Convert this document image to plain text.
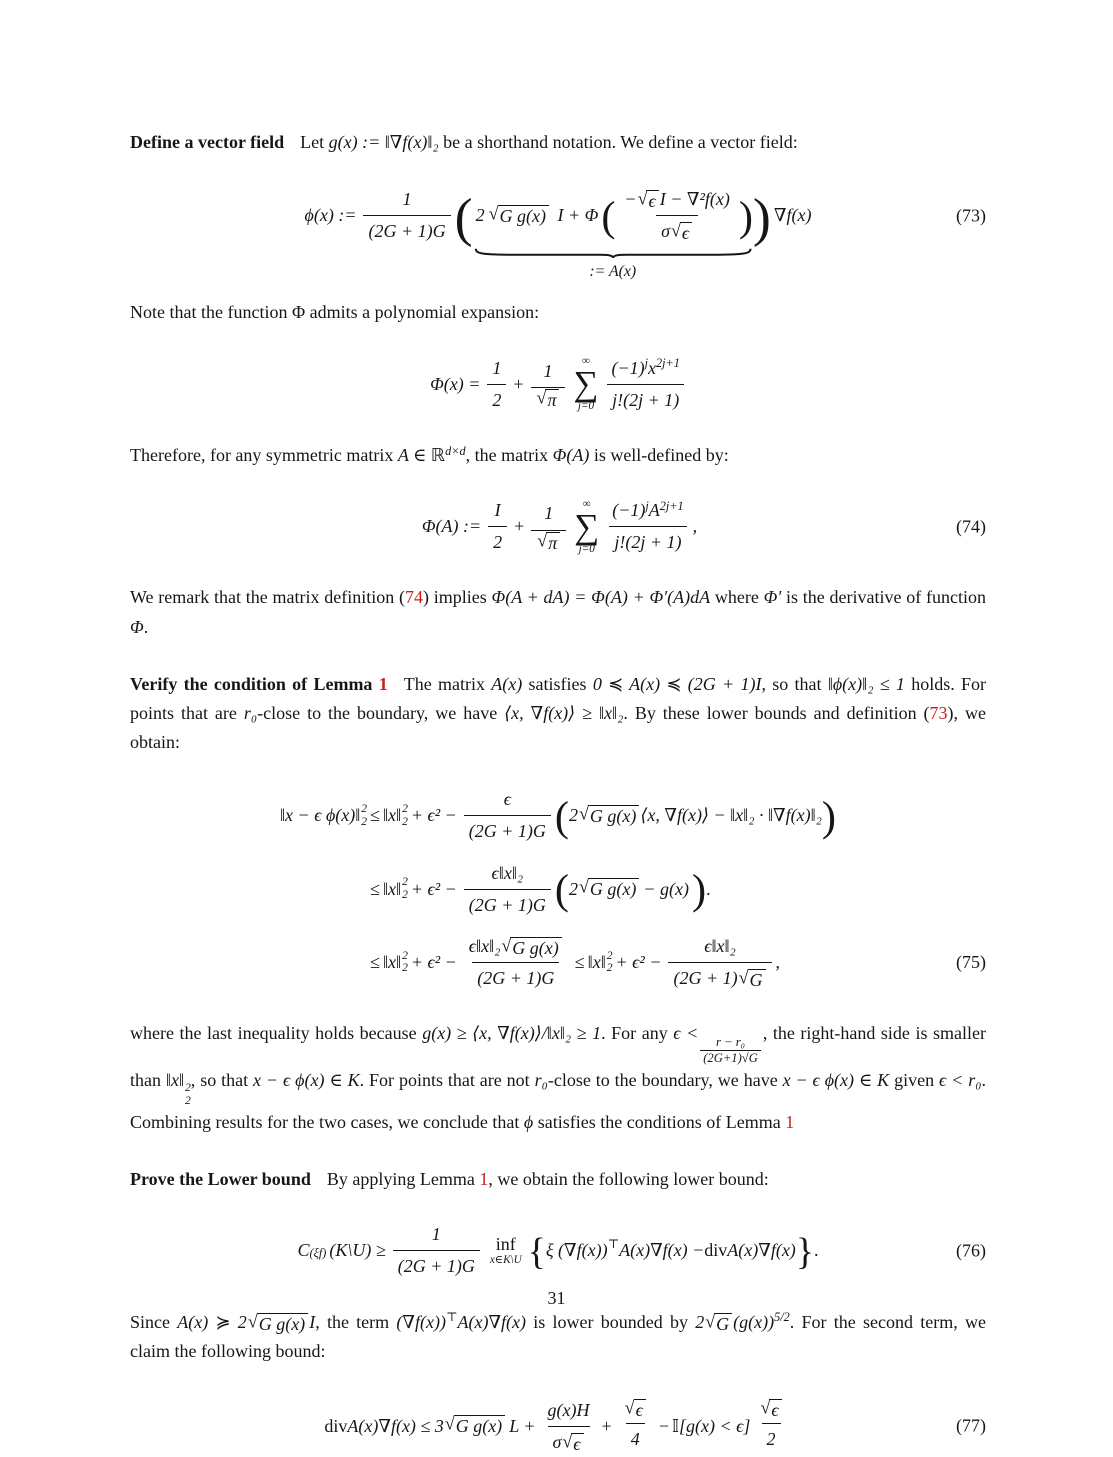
Define a vector field Let g(x) := ‖∇f(x)‖₂ be a shorthand notation. We define a vector field:

ϕ(x) := $\frac{1}{(2G + 1)G}$ ( 2 √ G g(x) I + Φ ( $\frac{\text{− √ ϵ I − ∇²f(x)}}{\sigma √ \epsilon}$ )
:= A(x)
) ∇f(x)	(73)

Note that the function Φ admits a polynomial expansion:

$\Phi(x) = \frac{1}{2} + \frac{1}{√ \pi}$ ∞
∑
$j=0 \frac{\text{(−1) j x 2j+1}}{j!(2j + 1)}$

Therefore, for any symmetric matrix A ∈ ℝ$^{d\times d}$, the matrix Φ(A) is well-defined by:

Φ(A) := $\frac{I}{2} + \frac{1}{√ \pi}$ ∞
∑
$j=0 \frac{\text{(−1) j A 2j+1}}{j!(2j + 1)}$ ,	(74)

We remark that the matrix definition (74) implies Φ(A + dA) = Φ(A) + Φ′(A)dA where Φ′ is the derivative of function Φ.

Verify the condition of Lemma 1 The matrix A(x) satisfies 0 ≼ A(x) ≼ (2G + 1)I, so that ‖ϕ(x)‖₂ ≤ 1 holds. For points that are r₀-close to the boundary, we have ⟨x, ∇f(x)⟩ ≥ ‖x‖₂. By these lower bounds and definition (73), we obtain:

‖x − ϵ ϕ(x)‖ 2
2 ≤ ‖x‖ 2
$2 + \epsilon^2 - \frac{\epsilon}{(2G + 1)G}$ ( 2 √ G g(x) ⟨x, ∇f(x)⟩ − ‖x‖₂ · ‖∇f(x)‖₂ )
≤ ‖x‖ 2
$2 + \epsilon^2 - \frac{\text{ϵ‖x‖₂}}{(2G + 1)G}$ ( 2 √ G g(x) − g(x) ) .
≤ ‖x‖ 2
$2 + \epsilon^2 - \frac{\text{ϵ‖x‖₂ √ G g(x)}}{(2G + 1)G}$ ≤ ‖x‖ 2
$2 + \epsilon^2 - \frac{\text{ϵ‖x‖₂}}{(2G + 1) √ G}$ ,	(75)

where the last inequality holds because g(x) ≥ ⟨x, ∇f(x)⟩/‖x‖₂ ≥ 1. For any ϵ <
$\frac{\text{r − r₀}}{(2G+1)√G}$
, the right-hand side is smaller than ‖x‖ 2
2
, so that x − ϵ ϕ(x) ∈ K. For points that are not r₀-close to the boundary, we have x − ϵ ϕ(x) ∈ K given ϵ < r₀. Combining results for the two cases, we conclude that ϕ satisfies the conditions of Lemma 1

Prove the Lower bound By applying Lemma 1, we obtain the following lower bound:

C (ξf) (K\U) ≥ $\frac{1}{(2G + 1)G}$ inf
x∈K\U { ξ (∇f(x)) ⊤ A(x)∇f(x) − div A(x)∇f(x) } .	(76)

Since A(x) ≽ 2 √ G g(x) I, the term (∇f(x))⊤A(x)∇f(x) is lower bounded by 2 √ G $(g(x))^{5/2}$. For the second term, we claim the following bound:

div A(x)∇f(x) ≤ 3 √ G g(x) $L + \frac{g(x)H}{\sigma √ \epsilon} + \frac{√ \epsilon}{4}$ − 𝕀[g(x) < $\epsilon] \frac{√ \epsilon}{2}$	(77)
31
